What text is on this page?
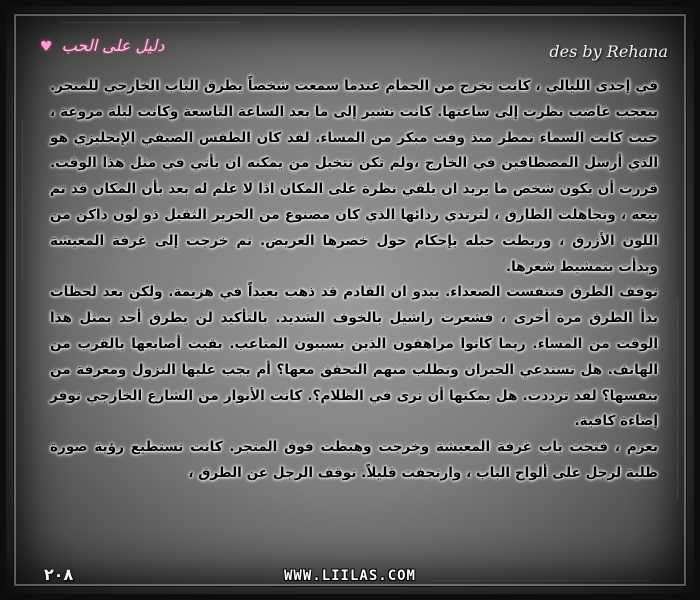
دليل على الحب ♥	des by Rehana

في إحدى الليالي ، كانت تخرج من الحمام عندما سمعت شخصاً يطرق الباب الخارجي للمتجر. بتعجب غاضب نظرت إلى ساعتها. كانت تشير إلى ما بعد الساعة التاسعة وكانت ليلة مروعة ، حيث كانت السماء تمطر منذ وقت مبكر من المساء. لقد كان الطقس الصيفي الإنجليزي هو الذي أرسل المصطافين في الخارج ،ولم تكن تتخيل من يمكنه ان يأتي في مثل هذا الوقت. قررت أن يكون شخص ما يريد ان يلقي نظرة على المكان اذا لا علم له بعد بأن المكان قد تم بيعه ، وتجاهلت الطارق ، لترتدي ردائها الذي كان مصنوع من الحرير الثقيل ذو لون داكن من اللون الأزرق ، وربطت حبله بإحكام حول خصرها العريض. ثم خرجت إلى غرفة المعيشة وبدأت بتمشيط شعرها.

توقف الطرق فتنفست الصعداء. يبدو ان القادم قد ذهب بعيداً في هزيمة. ولكن بعد لحظات بدأ الطرق مرة أخرى ، فشعرت راشيل بالخوف الشديد. بالتأكيد لن يطرق أحد بمثل هذا الوقت من المساء. ربما كانوا مراهقون الذين يسببون المتاعب. بقيت أصابعها بالقرب من الهاتف. هل تستدعي الجيران وتطلب منهم التحقق معها؟ أم يجب عليها النزول ومعرفة من بنفسها؟ لقد ترددت. هل يمكنها أن ترى في الظلام؟. كانت الأنوار من الشارع الخارجي توفر إضاءة كافية.

بعزم ، فتحت باب غرفة المعيشة وخرجت وهبطت فوق المتجر. كانت تستطيع رؤية صورة ظلية لرجل على ألواح الباب ، وارتجفت قليلاً. توقف الرجل عن الطرق ،

٢٠٨	WWW.LIILAS.COM
